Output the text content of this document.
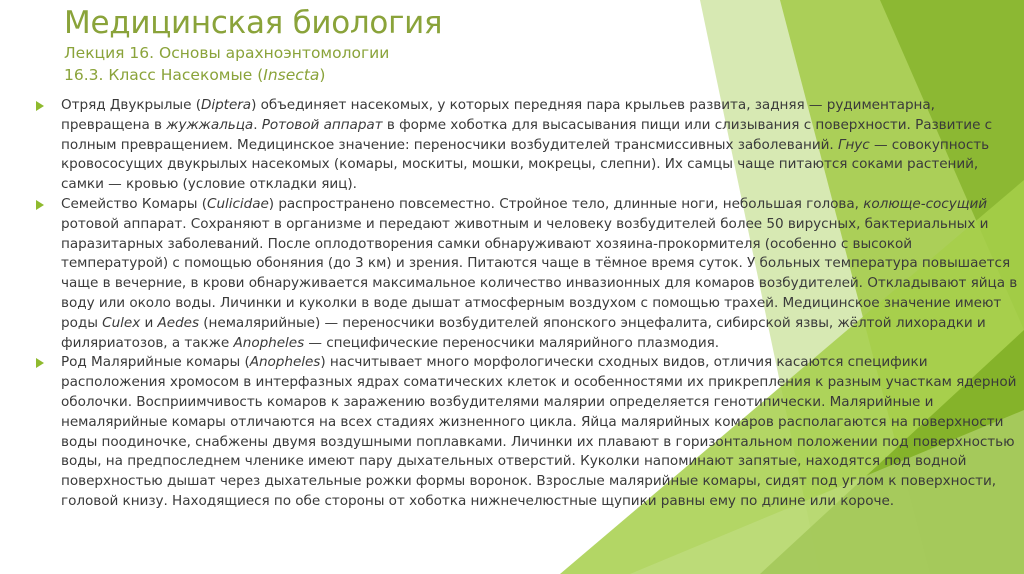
Медицинская биология
Лекция 16. Основы арахноэнтомологии
16.3. Класс Насекомые (Insecta)
Отряд Двукрылые (Diptera) объединяет насекомых, у которых передняя пара крыльев развита, задняя — рудиментарна, превращена в жужжальца. Ротовой аппарат в форме хоботка для высасывания пищи или слизывания с поверхности. Развитие с полным превращением. Медицинское значение: переносчики возбудителей трансмиссивных заболеваний. Гнус — совокупность кровососущих двукрылых насекомых (комары, москиты, мошки, мокрецы, слепни). Их самцы чаще питаются соками растений, самки — кровью (условие откладки яиц).
Семейство Комары (Culicidae) распространено повсеместно. Стройное тело, длинные ноги, небольшая голова, колюще-сосущий ротовой аппарат. Сохраняют в организме и передают животным и человеку возбудителей более 50 вирусных, бактериальных и паразитарных заболеваний. После оплодотворения самки обнаруживают хозяина-прокормителя (особенно с высокой температурой) с помощью обоняния (до 3 км) и зрения. Питаются чаще в тёмное время суток. У больных температура повышается чаще в вечерние, в крови обнаруживается максимальное количество инвазионных для комаров возбудителей. Откладывают яйца в воду или около воды. Личинки и куколки в воде дышат атмосферным воздухом с помощью трахей. Медицинское значение имеют роды Culex и Aedes (немалярийные) — переносчики возбудителей японского энцефалита, сибирской язвы, жёлтой лихорадки и филяриатозов, а также Anopheles — специфические переносчики малярийного плазмодия.
Род Малярийные комары (Anopheles) насчитывает много морфологически сходных видов, отличия касаются специфики расположения хромосом в интерфазных ядрах соматических клеток и особенностями их прикрепления к разным участкам ядерной оболочки. Восприимчивость комаров к заражению возбудителями малярии определяется генотипически. Малярийные и немалярийные комары отличаются на всех стадиях жизненного цикла. Яйца малярийных комаров располагаются на поверхности воды поодиночке, снабжены двумя воздушными поплавками. Личинки их плавают в горизонтальном положении под поверхностью воды, на предпоследнем членике имеют пару дыхательных отверстий. Куколки напоминают запятые, находятся под водной поверхностью дышат через дыхательные рожки формы воронок. Взрослые малярийные комары, сидят под углом к поверхности, головой книзу. Находящиеся по обе стороны от хоботка нижнечелюстные щупики равны ему по длине или короче.
